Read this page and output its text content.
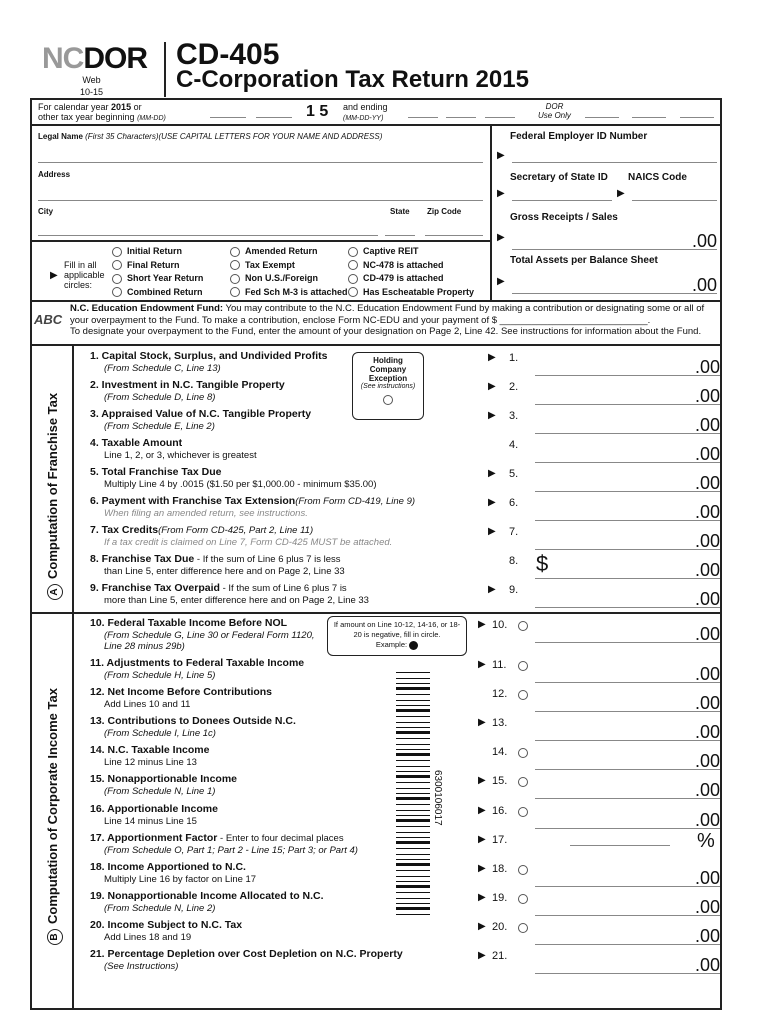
NCDOR
Web
10-15
CD-405
C-Corporation Tax Return 2015
For calendar year 2015 or
other tax year beginning (MM-DD)	1 5 and ending
(MM-DD-YY)
DOR
Use Only
Legal Name (First 35 Characters)(USE CAPITAL LETTERS FOR YOUR NAME AND ADDRESS)
Address
City	State Zip Code
Federal Employer ID Number
▶
Secretary of State ID NAICS Code
▶	▶
Gross Receipts / Sales
▶	.00
Total Assets per Balance Sheet
▶	.00
▶
Fill in all applicable circles:
Initial Return
Final Return
Short Year Return
Combined Return
Amended Return
Tax Exempt
Non U.S./Foreign
Fed Sch M-3 is attached
Captive REIT
NC-478 is attached
CD-479 is attached
Has Escheatable Property
ABC
N.C. Education Endowment Fund: You may contribute to the N.C. Education Endowment Fund by making a contribution or designating some or all of your overpayment to the Fund. To make a contribution, enclose Form NC-EDU and your payment of $ ____________________________.
To designate your overpayment to the Fund, enter the amount of your designation on Page 2, Line 42. See instructions for information about the Fund.
AComputation of Franchise Tax
BComputation of Corporate Income Tax
Holding Company Exception
(See instructions)
If amount on Line 10-12, 14-16, or 18-20 is negative, fill in circle.
Example:
6300106017
1. Capital Stock, Surplus, and Undivided Profits
(From Schedule C, Line 13)
▶ 1.	.00
2. Investment in N.C. Tangible Property
(From Schedule D, Line 8)
▶ 2.	.00
3. Appraised Value of N.C. Tangible Property
(From Schedule E, Line 2)
▶ 3.	.00
4. Taxable Amount
Line 1, 2, or 3, whichever is greatest
4.	.00
5. Total Franchise Tax Due
Multiply Line 4 by .0015 ($1.50 per $1,000.00 - minimum $35.00)
▶ 5.	.00
6. Payment with Franchise Tax Extension(From Form CD-419, Line 9)
When filing an amended return, see instructions.
▶ 6.	.00
7. Tax Credits(From Form CD-425, Part 2, Line 11)
If a tax credit is claimed on Line 7, Form CD-425 MUST be attached.
▶ 7.	.00
8. Franchise Tax Due - If the sum of Line 6 plus 7 is less
than Line 5, enter difference here and on Page 2, Line 33
8. $	.00
9. Franchise Tax Overpaid - If the sum of Line 6 plus 7 is
more than Line 5, enter difference here and on Page 2, Line 33
▶ 9.	.00
10. Federal Taxable Income Before NOL
(From Schedule G, Line 30 or Federal Form 1120, Line 28 minus 29b)
▶ 10.	.00
11. Adjustments to Federal Taxable Income
(From Schedule H, Line 5)
▶ 11.	.00
12. Net Income Before Contributions
Add Lines 10 and 11
12.	.00
13. Contributions to Donees Outside N.C.
(From Schedule I, Line 1c)
▶ 13.	.00
14. N.C. Taxable Income
Line 12 minus Line 13
14.	.00
15. Nonapportionable Income
(From Schedule N, Line 1)
▶ 15.	.00
16. Apportionable Income
Line 14 minus Line 15
▶ 16.	.00
17. Apportionment Factor - Enter to four decimal places
(From Schedule O, Part 1; Part 2 - Line 15; Part 3; or Part 4)
▶ 17.	%
18. Income Apportioned to N.C.
Multiply Line 16 by factor on Line 17
▶ 18.	.00
19. Nonapportionable Income Allocated to N.C.
(From Schedule N, Line 2)
▶ 19.	.00
20. Income Subject to N.C. Tax
Add Lines 18 and 19
▶ 20.	.00
21. Percentage Depletion over Cost Depletion on N.C. Property
(See Instructions)
▶ 21.	.00
